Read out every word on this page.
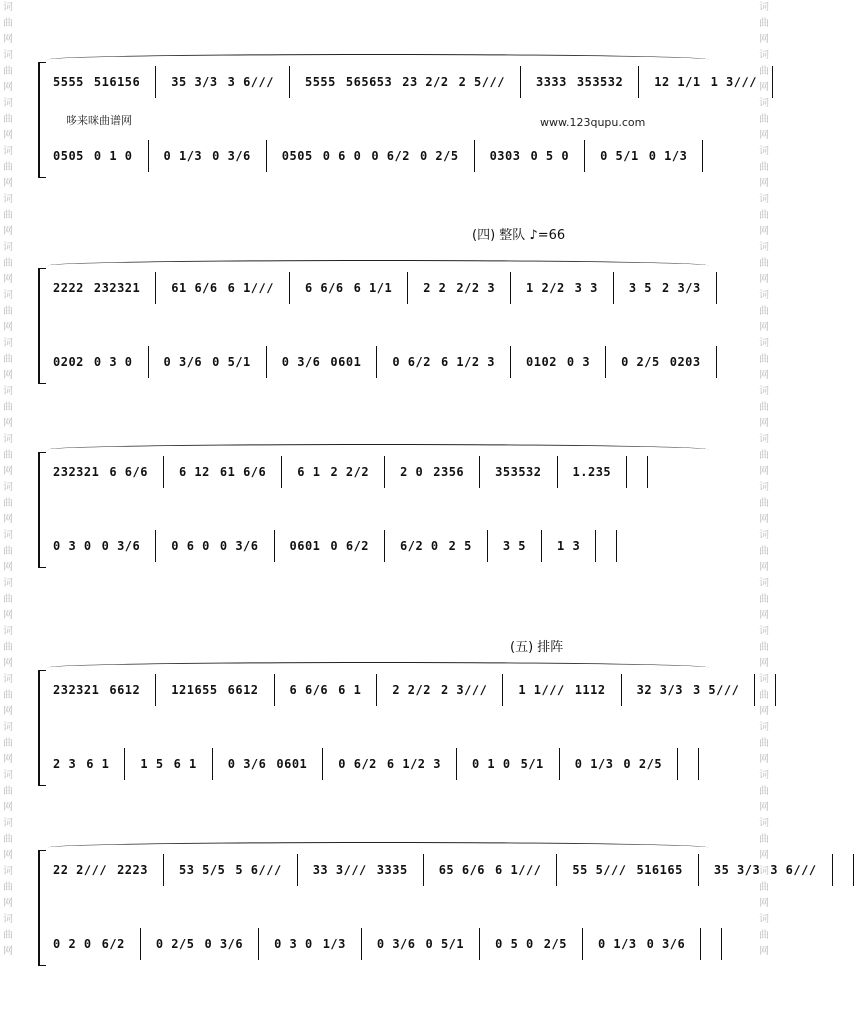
词
曲
网
词
曲
网
词
曲
网
词
曲
网
词
曲
网
词
曲
网
词
曲
网
词
曲
网
词
曲
网
词
曲
网
词
曲
网
词
曲
网
词
曲
网
词
曲
网
词
曲
网
词
曲
网
词
曲
网
词
曲
网
词
曲
网
词
曲
网
词
曲
网
词
曲
网
词
曲
网
词
曲
网
词
曲
网
词
曲
网
词
曲
网
词
曲
网
词
曲
网
词
曲
网
词
曲
网
词
曲
网
词
曲
网
词
曲
网
词
曲
网
词
曲
网
词
曲
网
词
曲
网
词
曲
网
词
曲
网
5555 516156	35 3/3 3 6∕∕∕	5555 565653 23 2/2 2 5∕∕∕	3333 353532	12 1/1 1 3∕∕∕
0505 0 1 0	0 1/3 0 3/6	0505 0 6 0 0 6/2 0 2/5	0303 0 5 0	0 5/1 0 1/3
2222 232321	61 6/6 6 1∕∕∕	6 6/6 6 1/1	2 2 2/2 3	1 2/2 3 3	3 5 2 3/3
0202 0 3 0	0 3/6 0 5/1	0 3/6 0601	0 6/2 6 1/2 3	0102 0 3	0 2/5 0203
232321 6 6/6	6 12 61 6/6	6 1 2 2/2	2 0 2356	353532	1.235
0 3 0 0 3/6	0 6 0 0 3/6	0601 0 6/2	6/2 0 2 5	3 5	1 3
232321 6612	121655 6612	6 6/6 6 1	2 2/2 2 3∕∕∕	1 1∕∕∕ 1112	32 3/3 3 5∕∕∕
2 3 6 1	1 5 6 1	0 3/6 0601	0 6/2 6 1/2 3	0 1 0 5/1	0 1/3 0 2/5
22 2∕∕∕ 2223	53 5/5 5 6∕∕∕	33 3∕∕∕ 3335	65 6/6 6 1∕∕∕	55 5∕∕∕ 516165	35 3/3 3 6∕∕∕
0 2 0 6/2	0 2/5 0 3/6	0 3 0 1/3	0 3/6 0 5/1	0 5 0 2/5	0 1/3 0 3/6
(四) 整队 ♪=66
(五) 排阵
哆来咪曲谱网	www.123qupu.com
